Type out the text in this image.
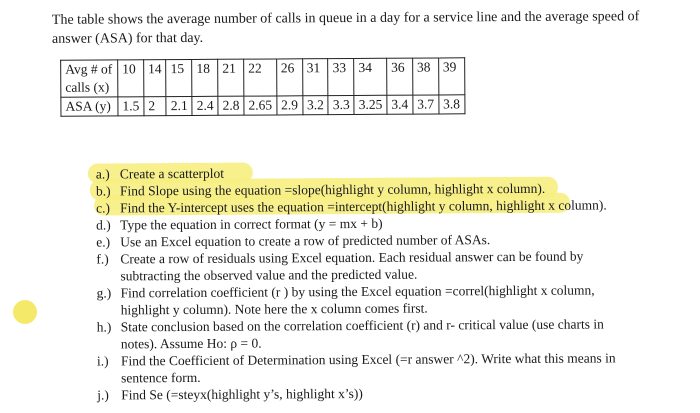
The table shows the average number of calls in queue in a day for a service line and the average speed of answer (ASA) for that day.

Avg # of calls (x)	10	14	15	18	21	22	26	31	33	34	36	38	39
ASA (y)	1.5	2	2.1	2.4	2.8	2.65	2.9	3.2	3.3	3.25	3.4	3.7	3.8
a.) Create a scatterplot
b.) Find Slope using the equation =slope(highlight y column, highlight x column).
c.) Find the Y-intercept uses the equation =intercept(highlight y column, highlight x column).
d.) Type the equation in correct format (y = mx + b)
e.) Use an Excel equation to create a row of predicted number of ASAs.
f.) Create a row of residuals using Excel equation. Each residual answer can be found by subtracting the observed value and the predicted value.
g.) Find correlation coefficient (r ) by using the Excel equation =correl(highlight x column, highlight y column). Note here the x column comes first.
h.) State conclusion based on the correlation coefficient (r) and r- critical value (use charts in notes). Assume Ho: ρ = 0.
i.) Find the Coefficient of Determination using Excel (=r answer ^2). Write what this means in sentence form.
j.) Find Se (=steyx(highlight y’s, highlight x’s))
